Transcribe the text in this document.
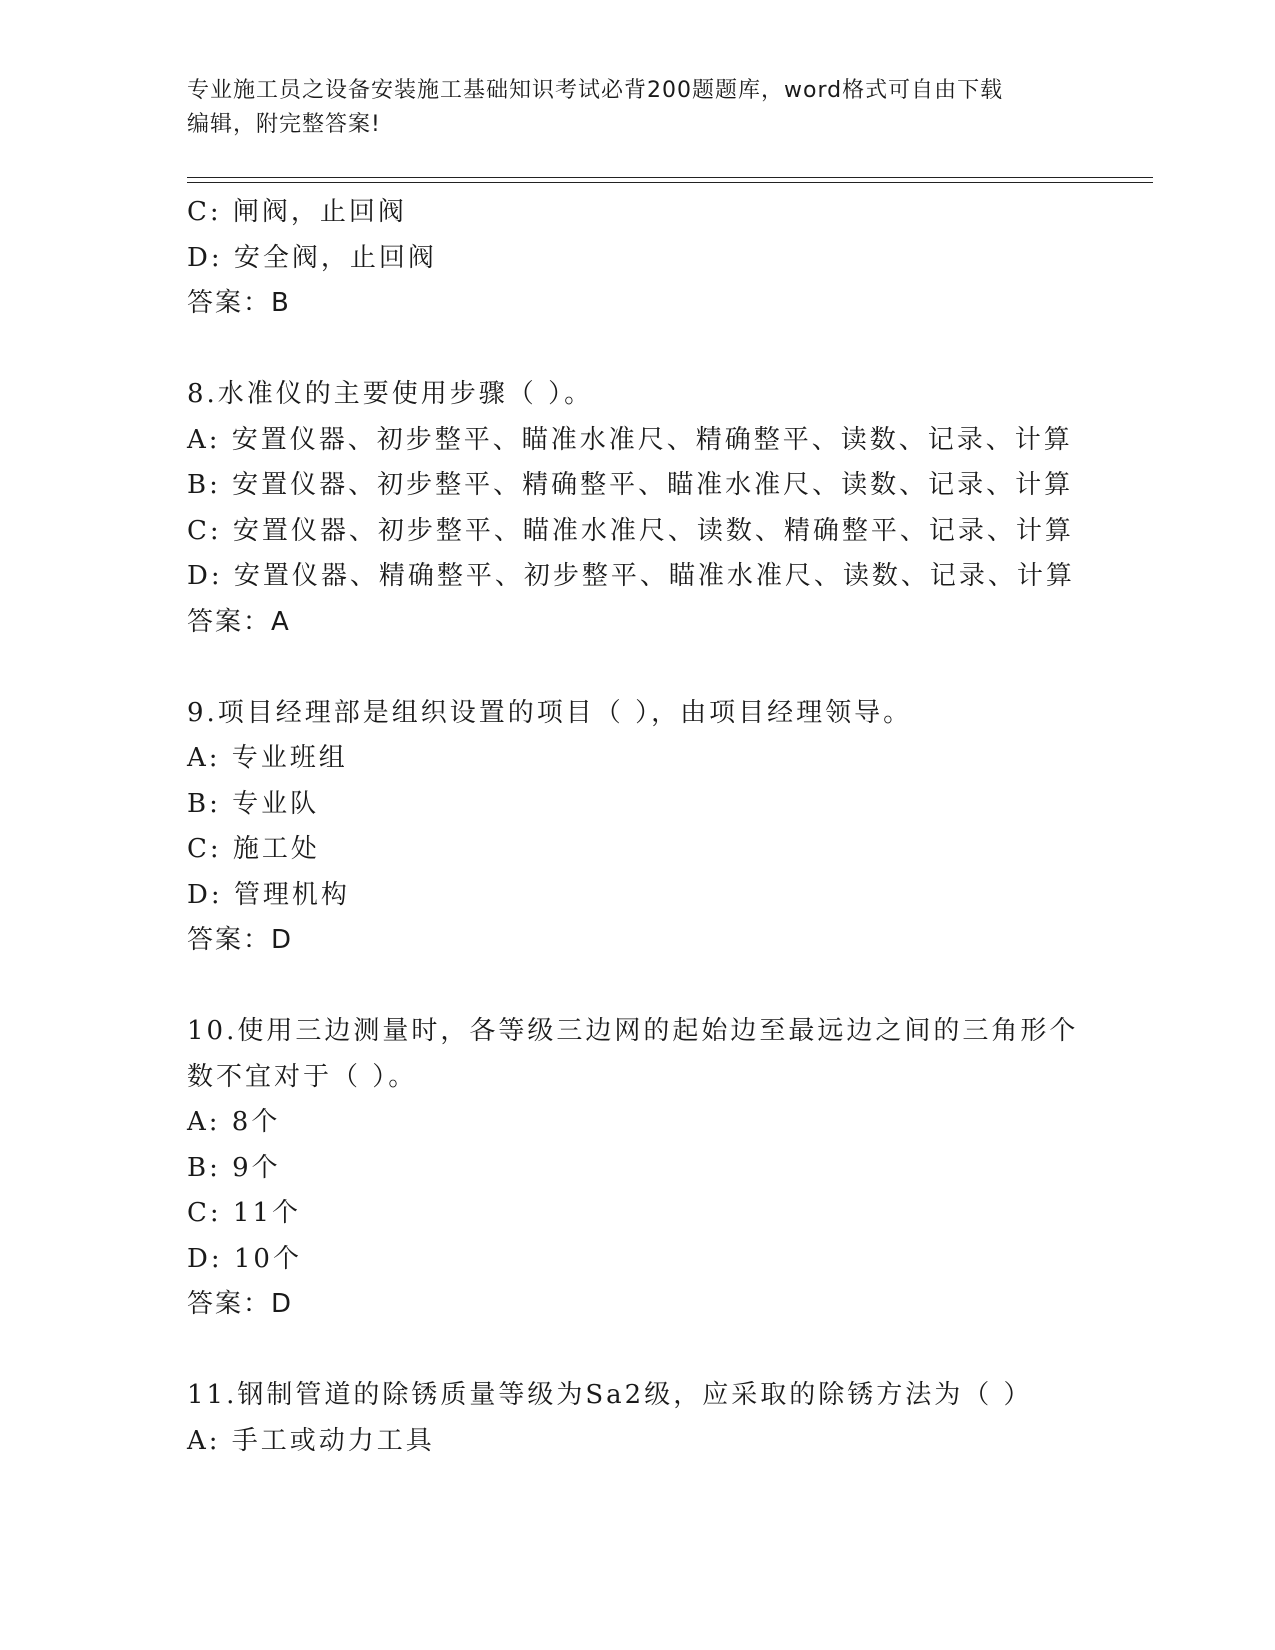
专业施工员之设备安装施工基础知识考试必背200题题库，word格式可自由下载
编辑，附完整答案!
C: 闸阀，止回阀
D: 安全阀，止回阀
答案：B
8.水准仪的主要使用步骤（ ）。
A: 安置仪器、初步整平、瞄准水准尺、精确整平、读数、记录、计算
B: 安置仪器、初步整平、精确整平、瞄准水准尺、读数、记录、计算
C: 安置仪器、初步整平、瞄准水准尺、读数、精确整平、记录、计算
D: 安置仪器、精确整平、初步整平、瞄准水准尺、读数、记录、计算
答案：A
9.项目经理部是组织设置的项目（ ），由项目经理领导。
A: 专业班组
B: 专业队
C: 施工处
D: 管理机构
答案：D
10.使用三边测量时，各等级三边网的起始边至最远边之间的三角形个
数不宜对于（ ）。
A: 8个
B: 9个
C: 11个
D: 10个
答案：D
11.钢制管道的除锈质量等级为Sa2级，应采取的除锈方法为（ ）
A: 手工或动力工具
